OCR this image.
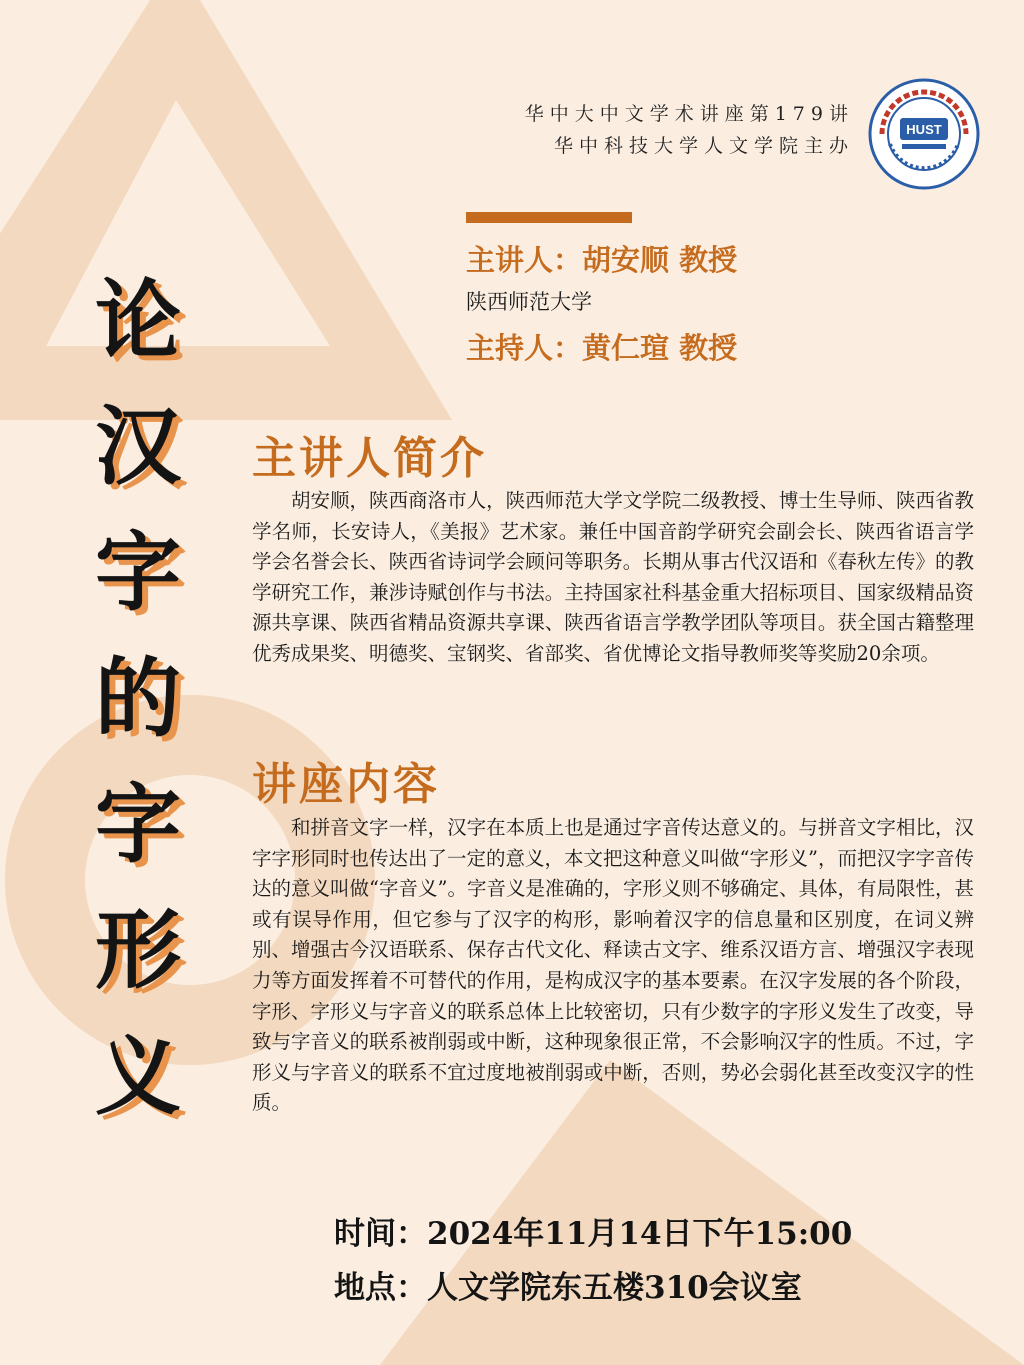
华中大中文学术讲座第179讲
华中科技大学人文学院主办
HUST
主讲人：胡安顺 教授
陕西师范大学
主持人：黄仁瑄 教授
论
汉
字
的
字
形
义
主讲人简介
胡安顺，陕西商洛市人，陕西师范大学文学院二级教授、博士生导师、陕西省教学名师，长安诗人，《美报》艺术家。兼任中国音韵学研究会副会长、陕西省语言学学会名誉会长、陕西省诗词学会顾问等职务。长期从事古代汉语和《春秋左传》的教学研究工作，兼涉诗赋创作与书法。主持国家社科基金重大招标项目、国家级精品资源共享课、陕西省精品资源共享课、陕西省语言学教学团队等项目。获全国古籍整理优秀成果奖、明德奖、宝钢奖、省部奖、省优博论文指导教师奖等奖励20余项。
讲座内容
和拼音文字一样，汉字在本质上也是通过字音传达意义的。与拼音文字相比，汉字字形同时也传达出了一定的意义，本文把这种意义叫做“字形义”，而把汉字字音传达的意义叫做“字音义”。字音义是准确的，字形义则不够确定、具体，有局限性，甚或有误导作用，但它参与了汉字的构形，影响着汉字的信息量和区别度，在词义辨别、增强古今汉语联系、保存古代文化、释读古文字、维系汉语方言、增强汉字表现力等方面发挥着不可替代的作用，是构成汉字的基本要素。在汉字发展的各个阶段，字形、字形义与字音义的联系总体上比较密切，只有少数字的字形义发生了改变，导致与字音义的联系被削弱或中断，这种现象很正常，不会影响汉字的性质。不过，字形义与字音义的联系不宜过度地被削弱或中断，否则，势必会弱化甚至改变汉字的性质。
时间：2024年11月14日下午15:00
地点：人文学院东五楼310会议室
